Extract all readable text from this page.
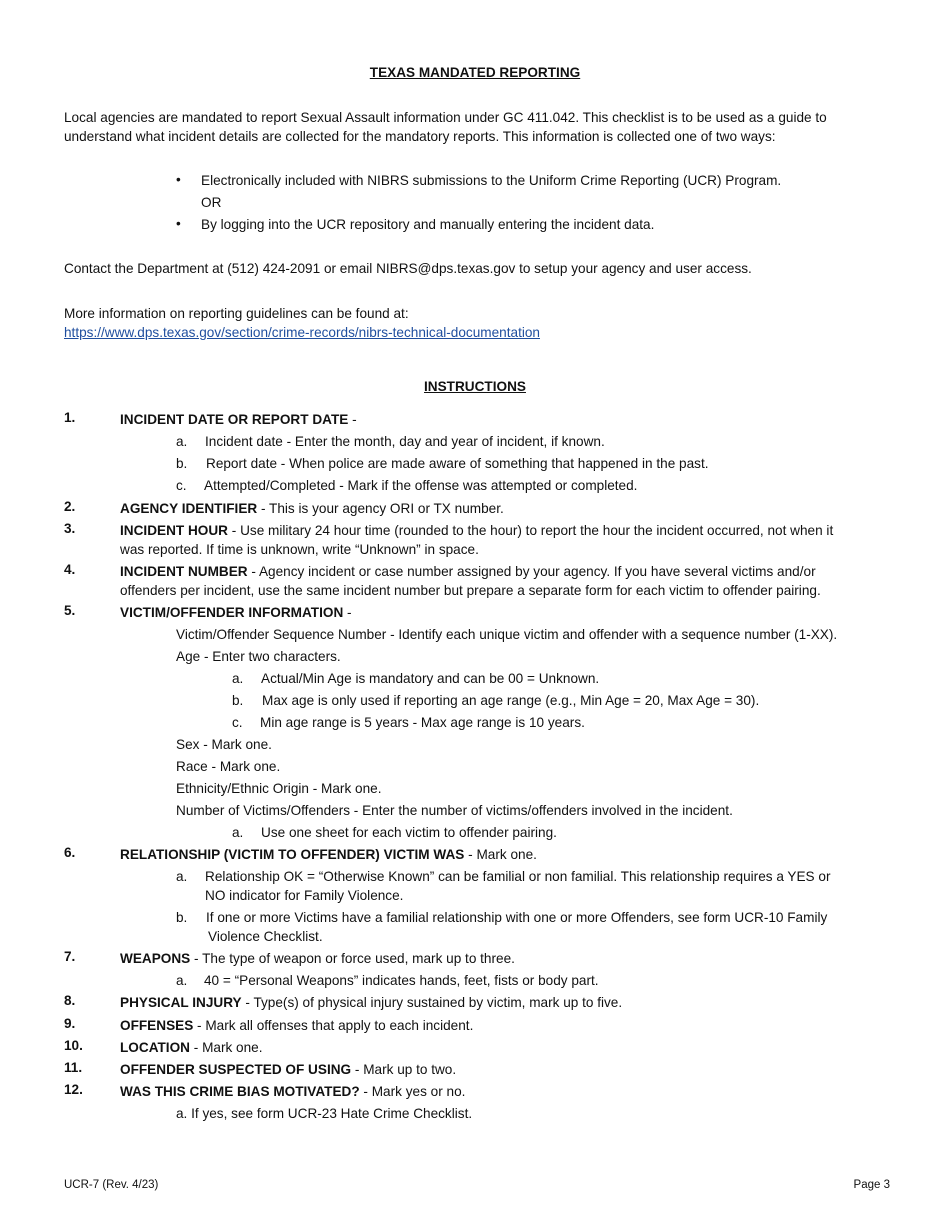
TEXAS MANDATED REPORTING
Local agencies are mandated to report Sexual Assault information under GC 411.042. This checklist is to be used as a guide to
understand what incident details are collected for the mandatory reports. This information is collected one of two ways:
• Electronically included with NIBRS submissions to the Uniform Crime Reporting (UCR) Program.
OR
• By logging into the UCR repository and manually entering the incident data.
Contact the Department at (512) 424-2091 or email NIBRS@dps.texas.gov to setup your agency and user access.
More information on reporting guidelines can be found at:
https://www.dps.texas.gov/section/crime-records/nibrs-technical-documentation
INSTRUCTIONS
1.	INCIDENT DATE OR REPORT DATE -
a. Incident date - Enter the month, day and year of incident, if known.
b. Report date - When police are made aware of something that happened in the past.
c. Attempted/Completed - Mark if the offense was attempted or completed.
2.	AGENCY IDENTIFIER - This is your agency ORI or TX number.
3.	INCIDENT HOUR - Use military 24 hour time (rounded to the hour) to report the hour the incident occurred, not when it
was reported. If time is unknown, write “Unknown” in space.
4.	INCIDENT NUMBER - Agency incident or case number assigned by your agency. If you have several victims and/or
offenders per incident, use the same incident number but prepare a separate form for each victim to offender pairing.
5.	VICTIM/OFFENDER INFORMATION -
Victim/Offender Sequence Number - Identify each unique victim and offender with a sequence number (1-XX).
Age - Enter two characters.
a. Actual/Min Age is mandatory and can be 00 = Unknown.
b. Max age is only used if reporting an age range (e.g., Min Age = 20, Max Age = 30).
c. Min age range is 5 years - Max age range is 10 years.
Sex - Mark one.
Race - Mark one.
Ethnicity/Ethnic Origin - Mark one.
Number of Victims/Offenders - Enter the number of victims/offenders involved in the incident.
a. Use one sheet for each victim to offender pairing.
6.	RELATIONSHIP (VICTIM TO OFFENDER) VICTIM WAS - Mark one.
a. Relationship OK = “Otherwise Known” can be familial or non familial. This relationship requires a YES or
NO indicator for Family Violence.
b. If one or more Victims have a familial relationship with one or more Offenders, see form UCR-10 Family
Violence Checklist.
7.	WEAPONS - The type of weapon or force used, mark up to three.
a. 40 = “Personal Weapons” indicates hands, feet, fists or body part.
8.	PHYSICAL INJURY - Type(s) of physical injury sustained by victim, mark up to five.
9.	OFFENSES - Mark all offenses that apply to each incident.
10.	LOCATION - Mark one.
11.	OFFENDER SUSPECTED OF USING - Mark up to two.
12.	WAS THIS CRIME BIAS MOTIVATED? - Mark yes or no.
a. If yes, see form UCR-23 Hate Crime Checklist.
UCR-7 (Rev. 4/23)	Page 3
